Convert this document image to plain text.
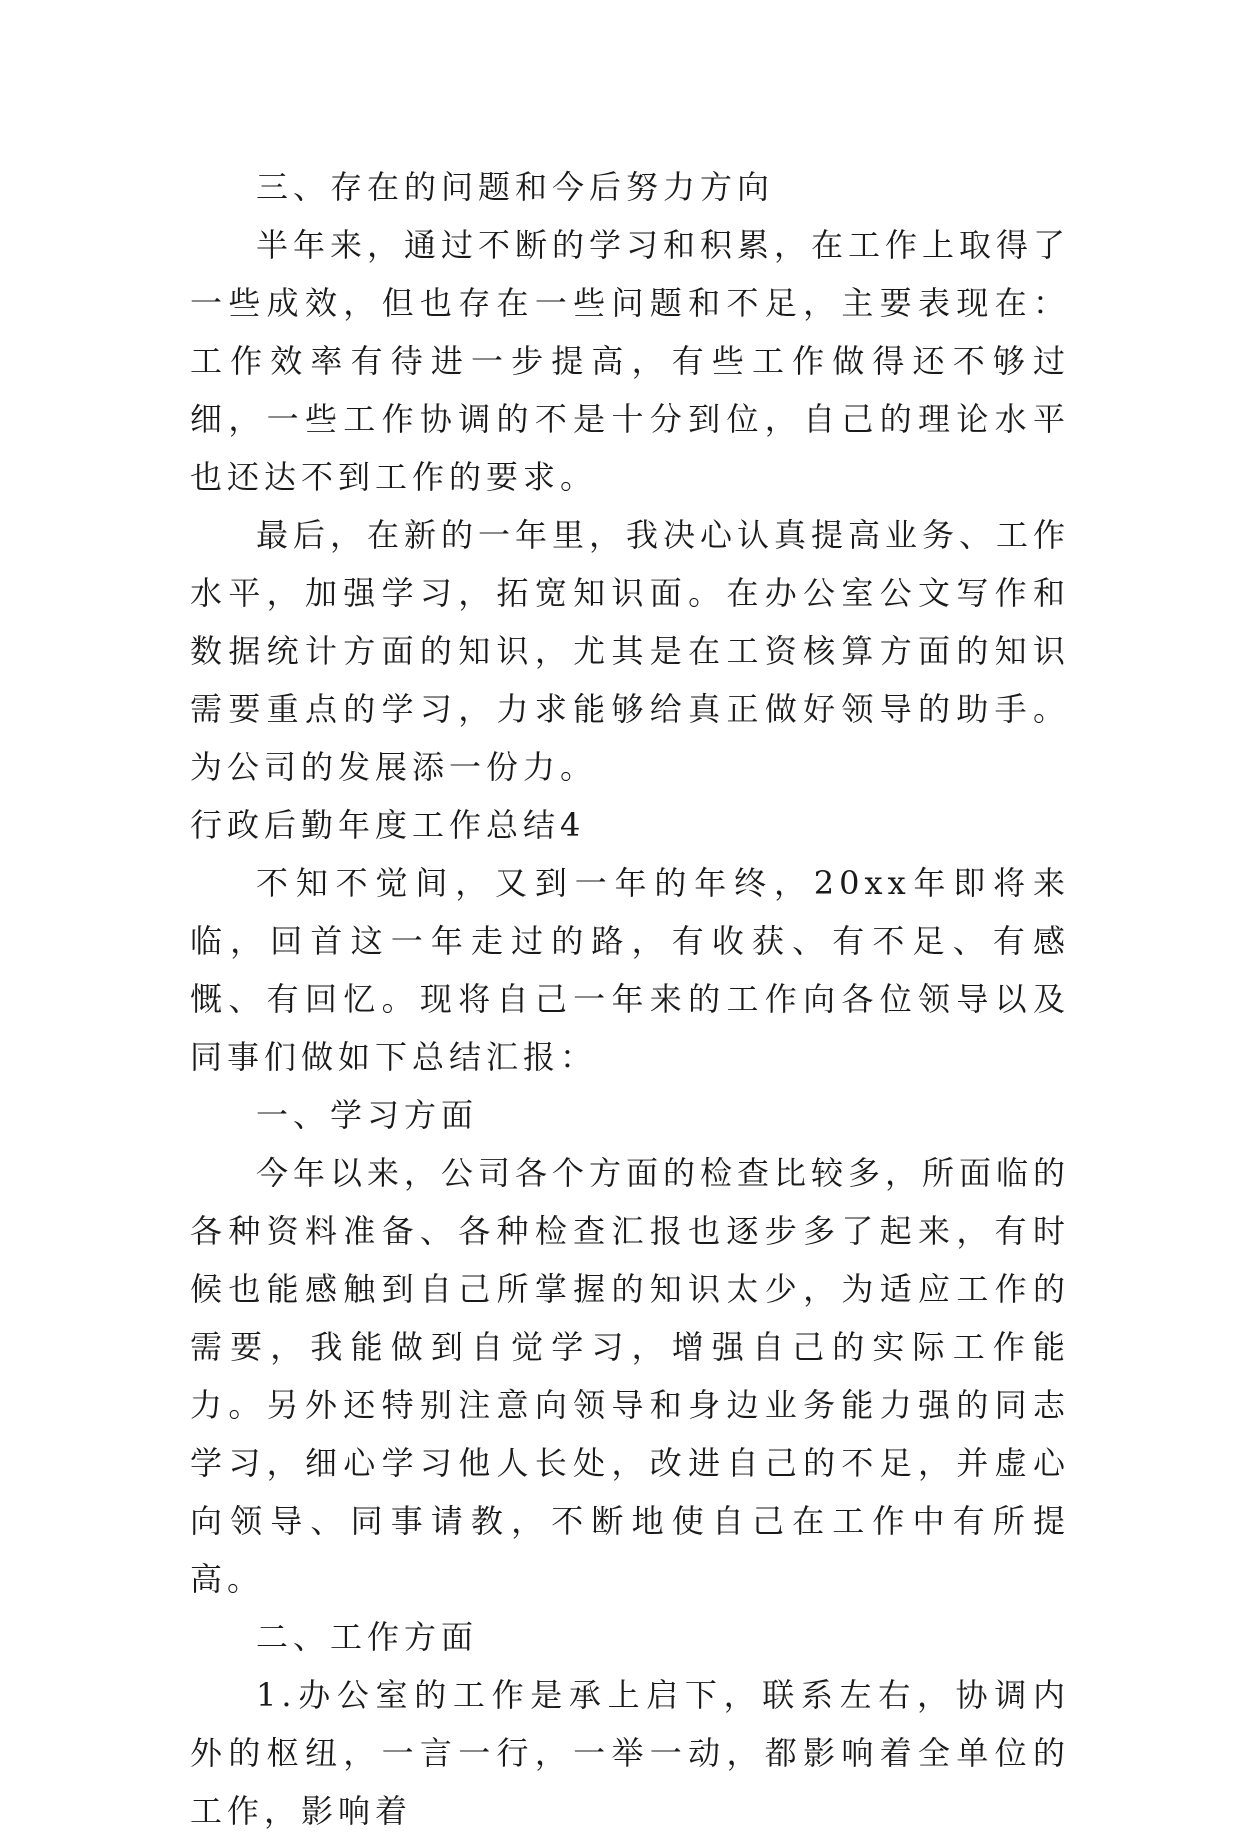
三、存在的问题和今后努力方向

半年来，通过不断的学习和积累，在工作上取得了一些成效，但也存在一些问题和不足，主要表现在：工作效率有待进一步提高，有些工作做得还不够过细，一些工作协调的不是十分到位，自己的理论水平也还达不到工作的要求。

最后，在新的一年里，我决心认真提高业务、工作水平，加强学习，拓宽知识面。在办公室公文写作和数据统计方面的知识，尤其是在工资核算方面的知识需要重点的学习，力求能够给真正做好领导的助手。为公司的发展添一份力。

行政后勤年度工作总结4

不知不觉间，又到一年的年终，20xx年即将来临，回首这一年走过的路，有收获、有不足、有感慨、有回忆。现将自己一年来的工作向各位领导以及同事们做如下总结汇报：

一、学习方面

今年以来，公司各个方面的检查比较多，所面临的各种资料准备、各种检查汇报也逐步多了起来，有时候也能感触到自己所掌握的知识太少，为适应工作的需要，我能做到自觉学习，增强自己的实际工作能力。另外还特别注意向领导和身边业务能力强的同志学习，细心学习他人长处，改进自己的不足，并虚心向领导、同事请教，不断地使自己在工作中有所提高。

二、工作方面

1.办公室的工作是承上启下，联系左右，协调内外的枢纽，一言一行，一举一动，都影响着全单位的工作，影响着
